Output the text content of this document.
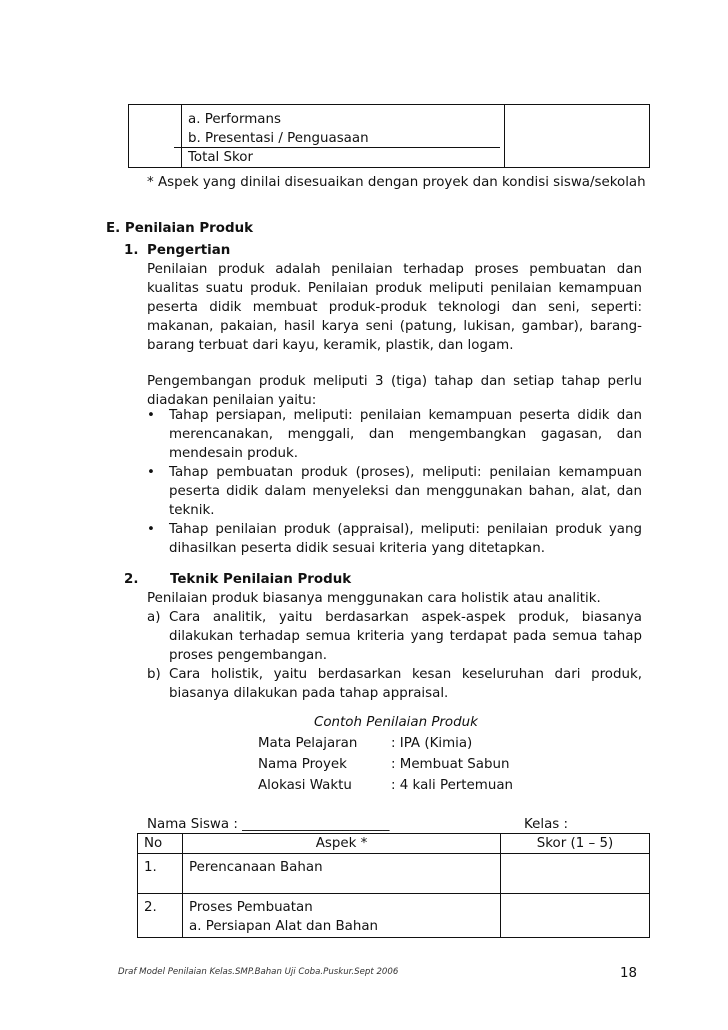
a. Performans
b. Presentasi / Penguasaan
Total Skor

* Aspek yang dinilai disesuaikan dengan proyek dan kondisi siswa/sekolah
E. Penilaian Produk
1. Pengertian
Penilaian produk adalah penilaian terhadap proses pembuatan dan kualitas suatu produk. Penilaian produk meliputi penilaian kemampuan peserta didik membuat produk-produk teknologi dan seni, seperti: makanan, pakaian, hasil karya seni (patung, lukisan, gambar), barang-barang terbuat dari kayu, keramik, plastik, dan logam.
Pengembangan produk meliputi 3 (tiga) tahap dan setiap tahap perlu diadakan penilaian yaitu:
• Tahap persiapan, meliputi: penilaian kemampuan peserta didik dan merencanakan, menggali, dan mengembangkan gagasan, dan mendesain produk.
• Tahap pembuatan produk (proses), meliputi: penilaian kemampuan peserta didik dalam menyeleksi dan menggunakan bahan, alat, dan teknik.
• Tahap penilaian produk (appraisal), meliputi: penilaian produk yang dihasilkan peserta didik sesuai kriteria yang ditetapkan.
2. Teknik Penilaian Produk
Penilaian produk biasanya menggunakan cara holistik atau analitik.
a) Cara analitik, yaitu berdasarkan aspek-aspek produk, biasanya dilakukan terhadap semua kriteria yang terdapat pada semua tahap proses pengembangan.
b) Cara holistik, yaitu berdasarkan kesan keseluruhan dari produk, biasanya dilakukan pada tahap appraisal.
Contoh Penilaian Produk
Mata Pelajaran	: IPA (Kimia)
Nama Proyek	: Membuat Sabun
Alokasi Waktu	: 4 kali Pertemuan
Nama Siswa : ______________________	Kelas :
No	Aspek *	Skor (1 – 5)
1.	Perencanaan Bahan	
2.	Proses Pembuatan
a. Persiapan Alat dan Bahan	

Draf Model Penilaian Kelas.SMP.Bahan Uji Coba.Puskur.Sept 2006	18
